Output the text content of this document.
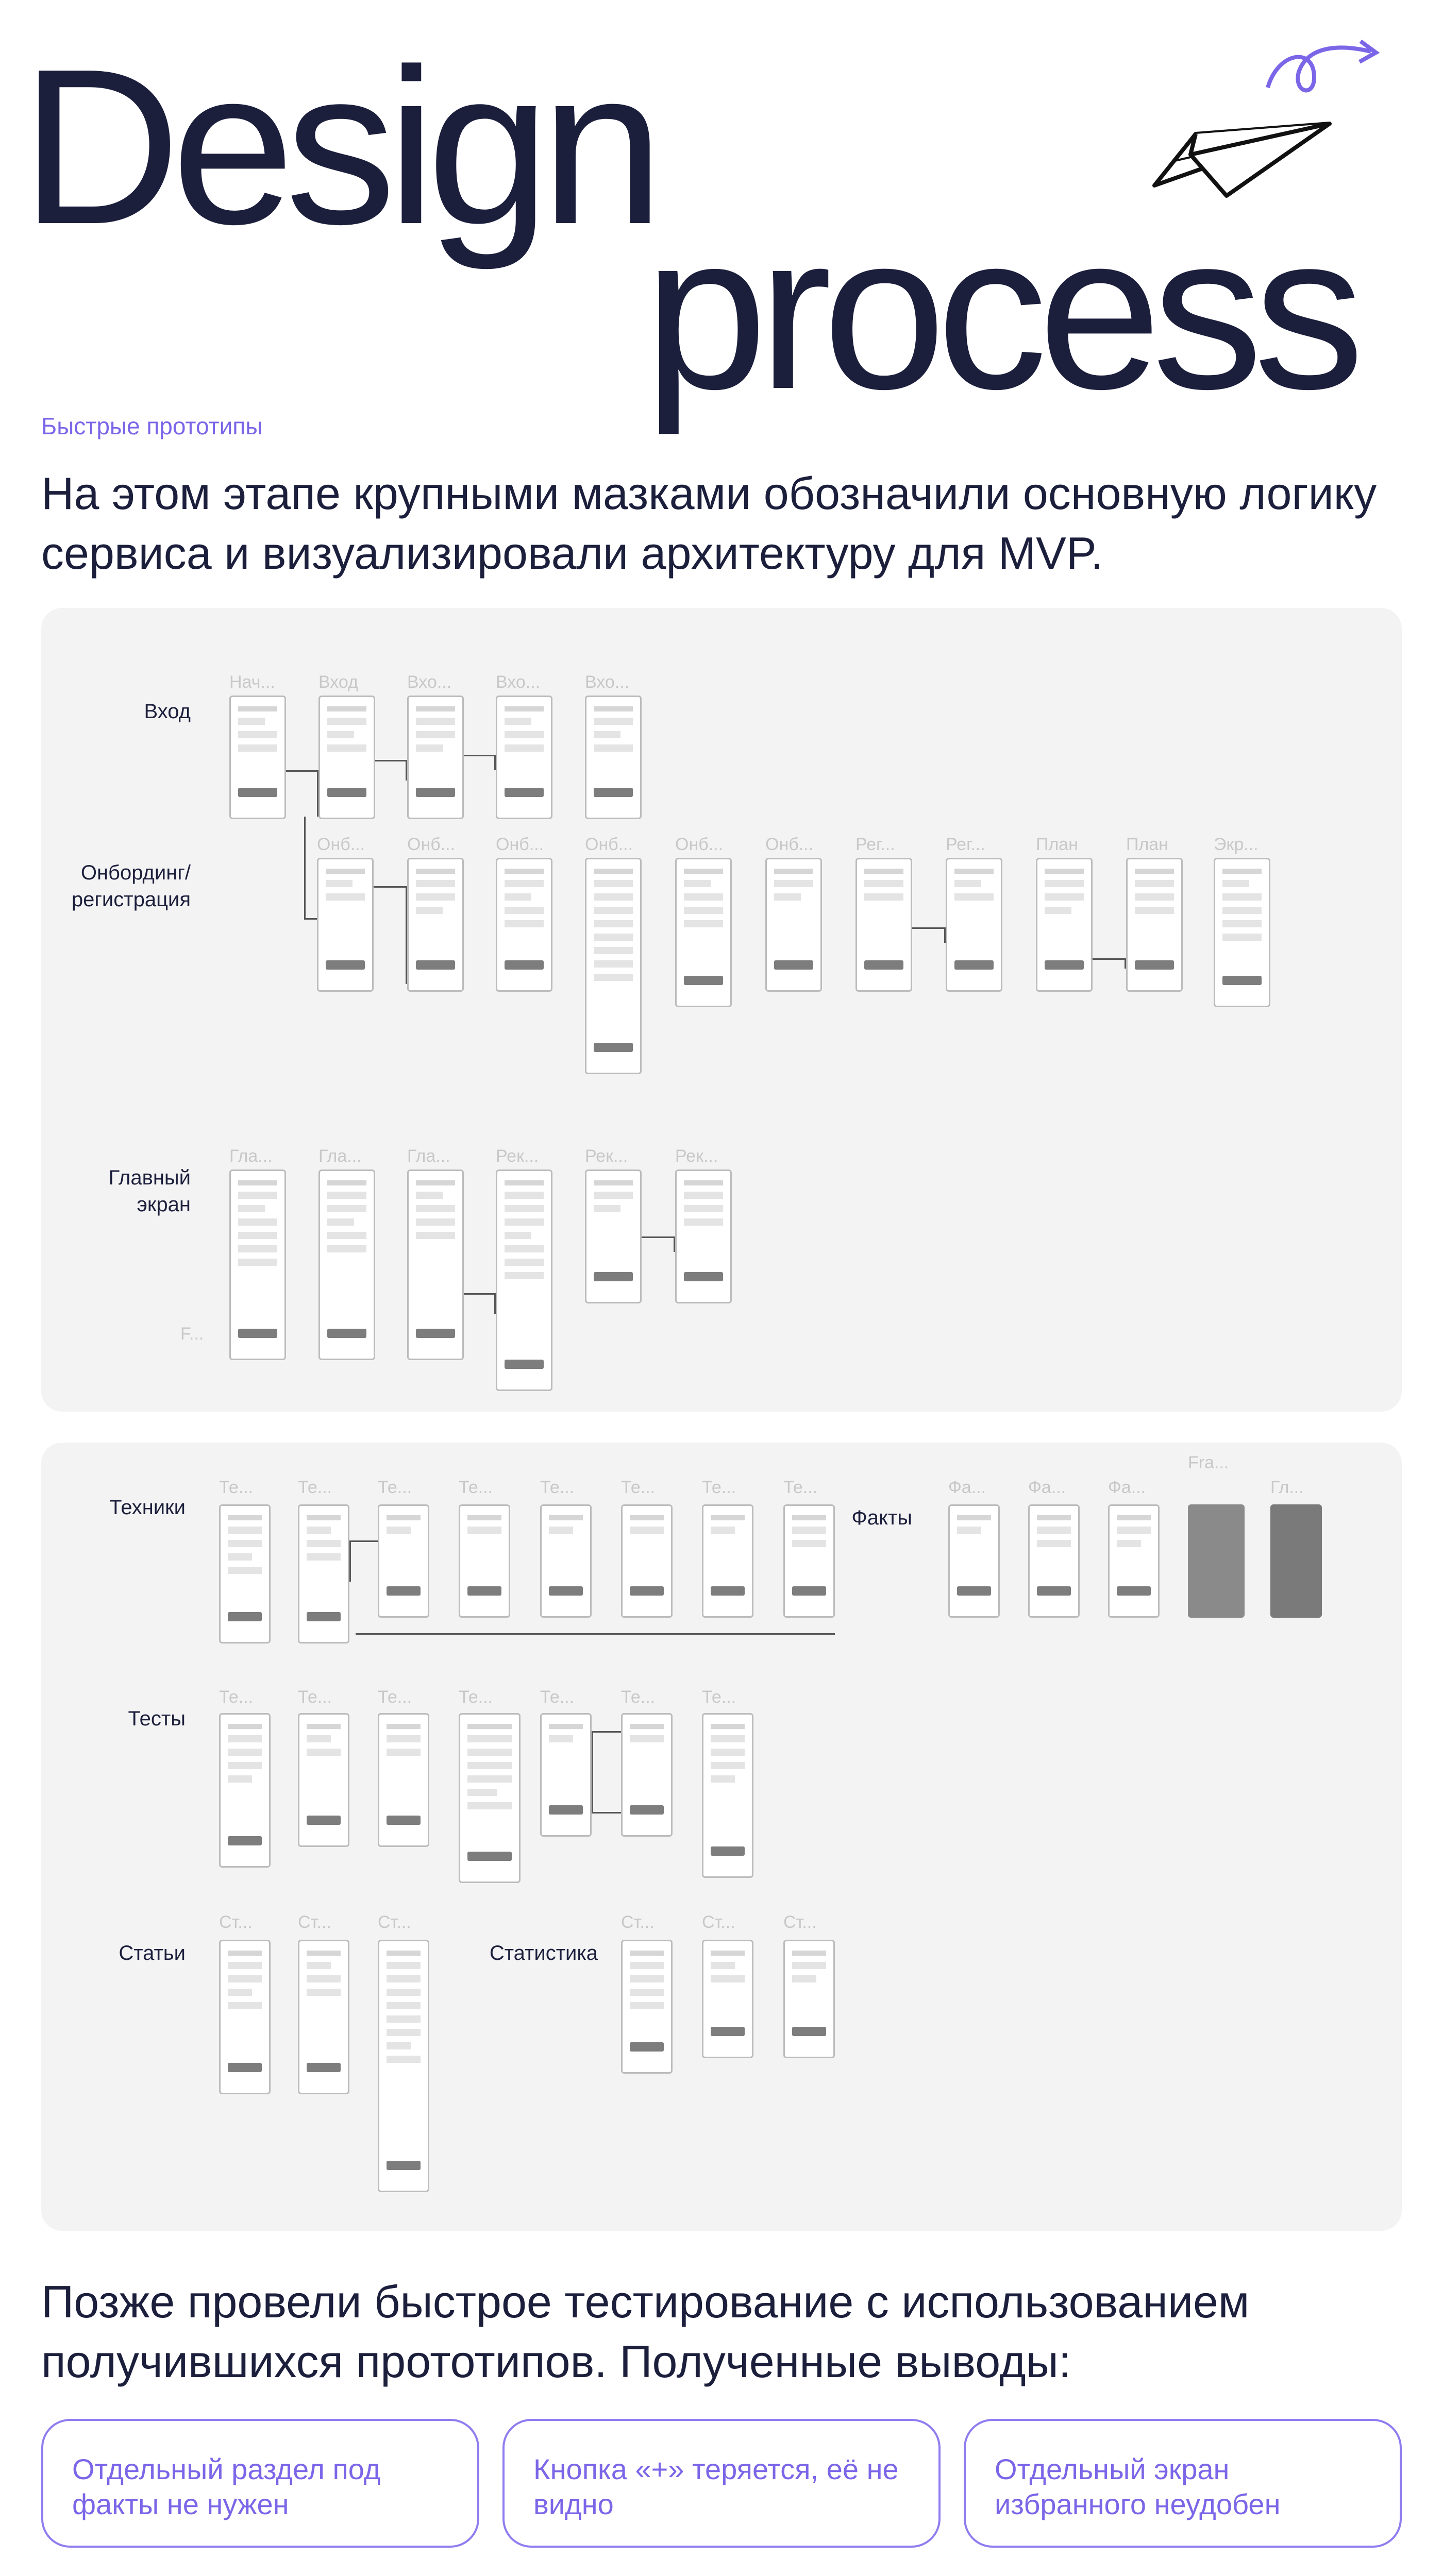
Design
process
Быстрые прототипы
На этом этапе крупными мазками обозначили основную логику сервиса и визуализировали архитектуру для MVP.
Вход
Онбординг/ регистрация
Главный экран
Нач... Вход	Вхо...	Вхо...	Вхо...
Онб... Онб... Онб... Онб... Онб... Онб... Рег...	Рег...	План	План	Экр...
Гла...	Гла...	Гла...	Рек...	Рек...	Рек...
F...
Техники
Тесты
Статьи	Статистика
Факты
Те...	Те...	Те...	Те...	Те...	Те...	Те...	Те...	Фа... Фа... Фа...
Fra...
Гл...
Те...	Те...	Те...	Те...	Те...	Те...	Те...
Ст...	Ст...	Ст...	Ст...	Ст...	Ст...
Позже провели быстрое тестирование с использованием получившихся прототипов. Полученные выводы:
Отдельный раздел под факты не нужен
Кнопка «+» теряется, её не видно
Отдельный экран избранного неудобен
